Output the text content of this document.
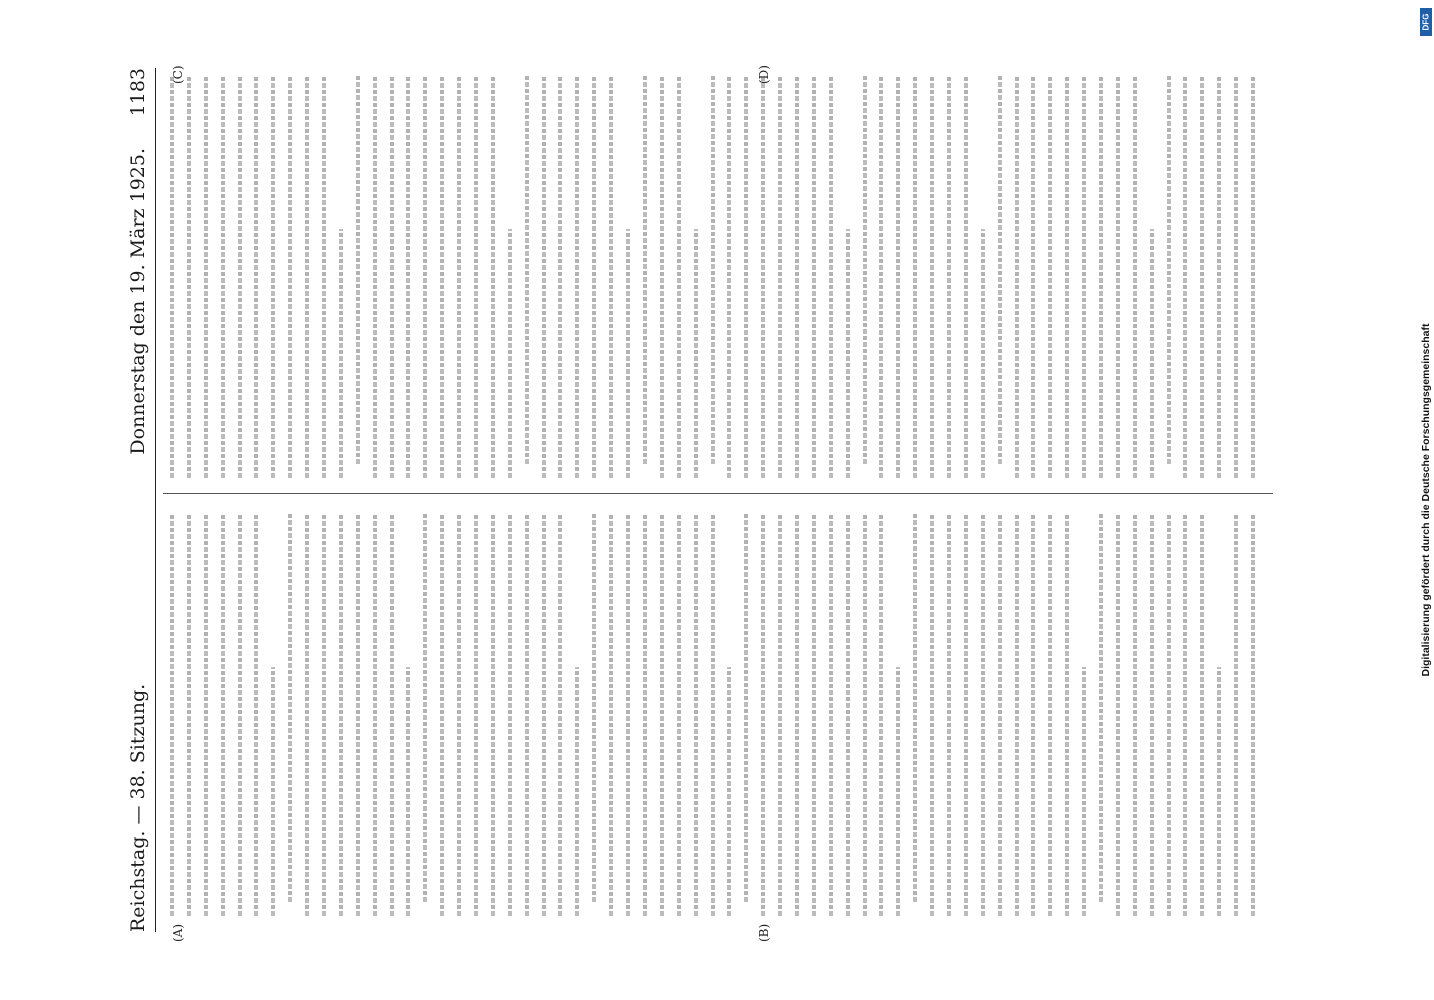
Reichstag. — 38. Sitzung.
Donnerstag den 19. März 1925.
1183
(A)	(B)
(C)	(D)
DFG
Digitalisierung gefördert durch die Deutsche Forschungsgemeinschaft
